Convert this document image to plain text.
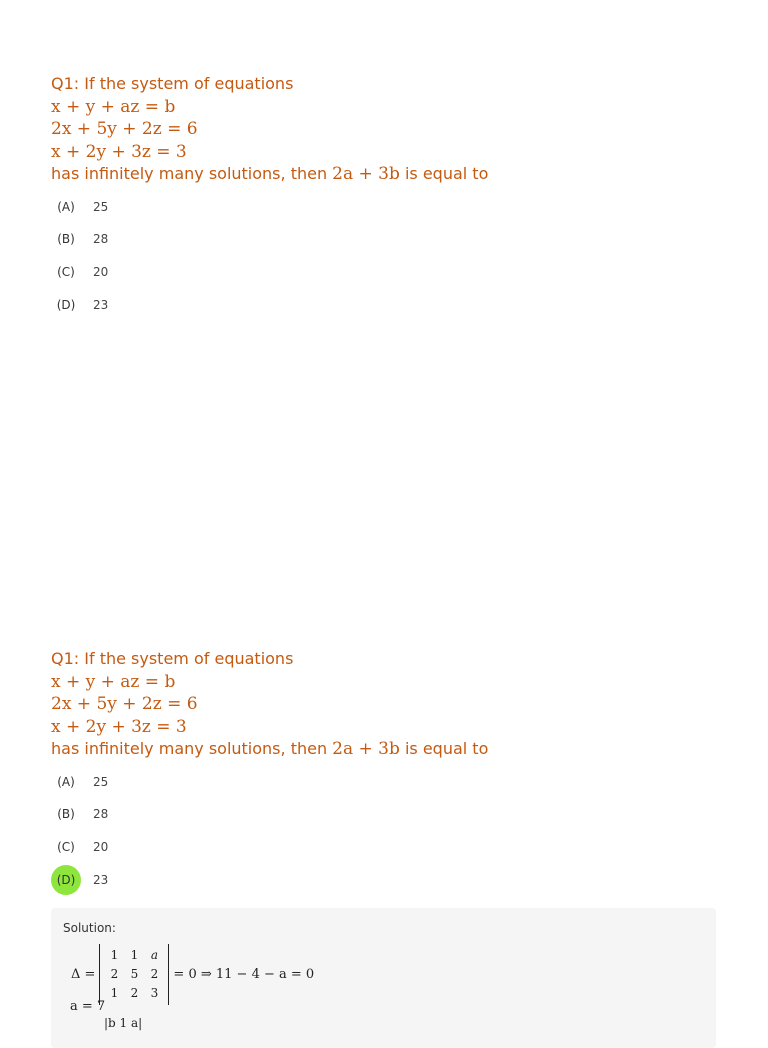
Q1: If the system of equations
x + y + az = b
2x + 5y + 2z = 6
x + 2y + 3z = 3
has infinitely many solutions, then 2a + 3b is equal to
(A)	25
(B)	28
(C)	20
(D)	23
Q1: If the system of equations
x + y + az = b
2x + 5y + 2z = 6
x + 2y + 3z = 3
has infinitely many solutions, then 2a + 3b is equal to
(A)	25
(B)	28
(C)	20
(D)	23
Solution:
Δ =
1	1	a
2	5	2
1	2	3
= 0 ⇒ 11 − 4 − a = 0
a = 7
|b 1 a|
